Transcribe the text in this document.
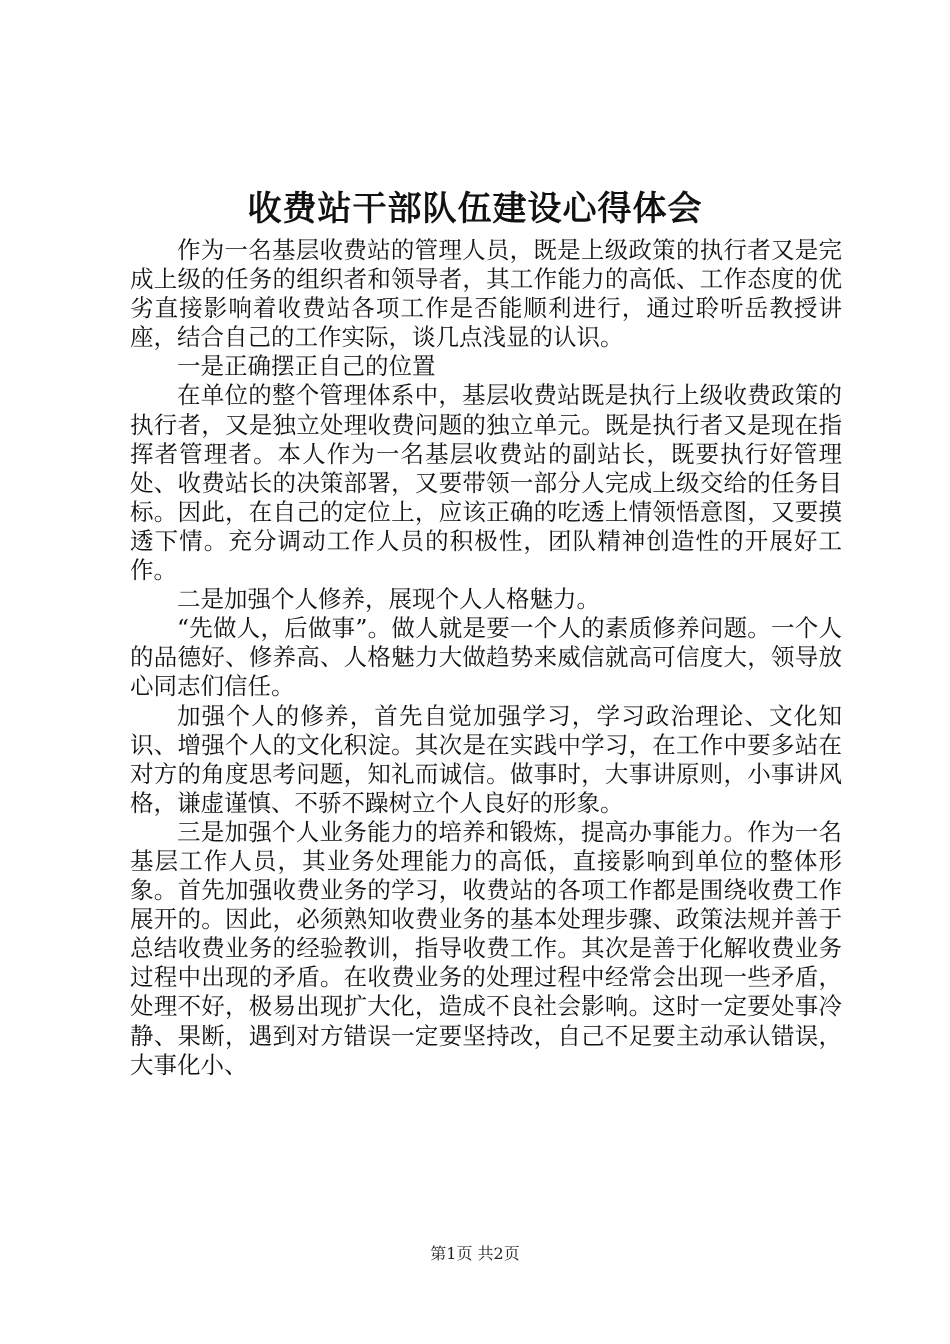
收费站干部队伍建设心得体会

作为一名基层收费站的管理人员，既是上级政策的执行者又是完成上级的任务的组织者和领导者，其工作能力的高低、工作态度的优劣直接影响着收费站各项工作是否能顺利进行，通过聆听岳教授讲座，结合自己的工作实际，谈几点浅显的认识。

一是正确摆正自己的位置

在单位的整个管理体系中，基层收费站既是执行上级收费政策的执行者，又是独立处理收费问题的独立单元。既是执行者又是现在指挥者管理者。本人作为一名基层收费站的副站长，既要执行好管理处、收费站长的决策部署，又要带领一部分人完成上级交给的任务目标。因此，在自己的定位上，应该正确的吃透上情领悟意图，又要摸透下情。充分调动工作人员的积极性，团队精神创造性的开展好工作。

二是加强个人修养，展现个人人格魅力。

“先做人，后做事”。做人就是要一个人的素质修养问题。一个人的品德好、修养高、人格魅力大做趋势来威信就高可信度大，领导放心同志们信任。

加强个人的修养，首先自觉加强学习，学习政治理论、文化知识、增强个人的文化积淀。其次是在实践中学习，在工作中要多站在对方的角度思考问题，知礼而诚信。做事时，大事讲原则，小事讲风格，谦虚谨慎、不骄不躁树立个人良好的形象。

三是加强个人业务能力的培养和锻炼，提高办事能力。作为一名基层工作人员，其业务处理能力的高低，直接影响到单位的整体形象。首先加强收费业务的学习，收费站的各项工作都是围绕收费工作展开的。因此，必须熟知收费业务的基本处理步骤、政策法规并善于总结收费业务的经验教训，指导收费工作。其次是善于化解收费业务过程中出现的矛盾。在收费业务的处理过程中经常会出现一些矛盾，处理不好，极易出现扩大化，造成不良社会影响。这时一定要处事冷静、果断，遇到对方错误一定要坚持改，自己不足要主动承认错误，大事化小、

第1页 共2页
